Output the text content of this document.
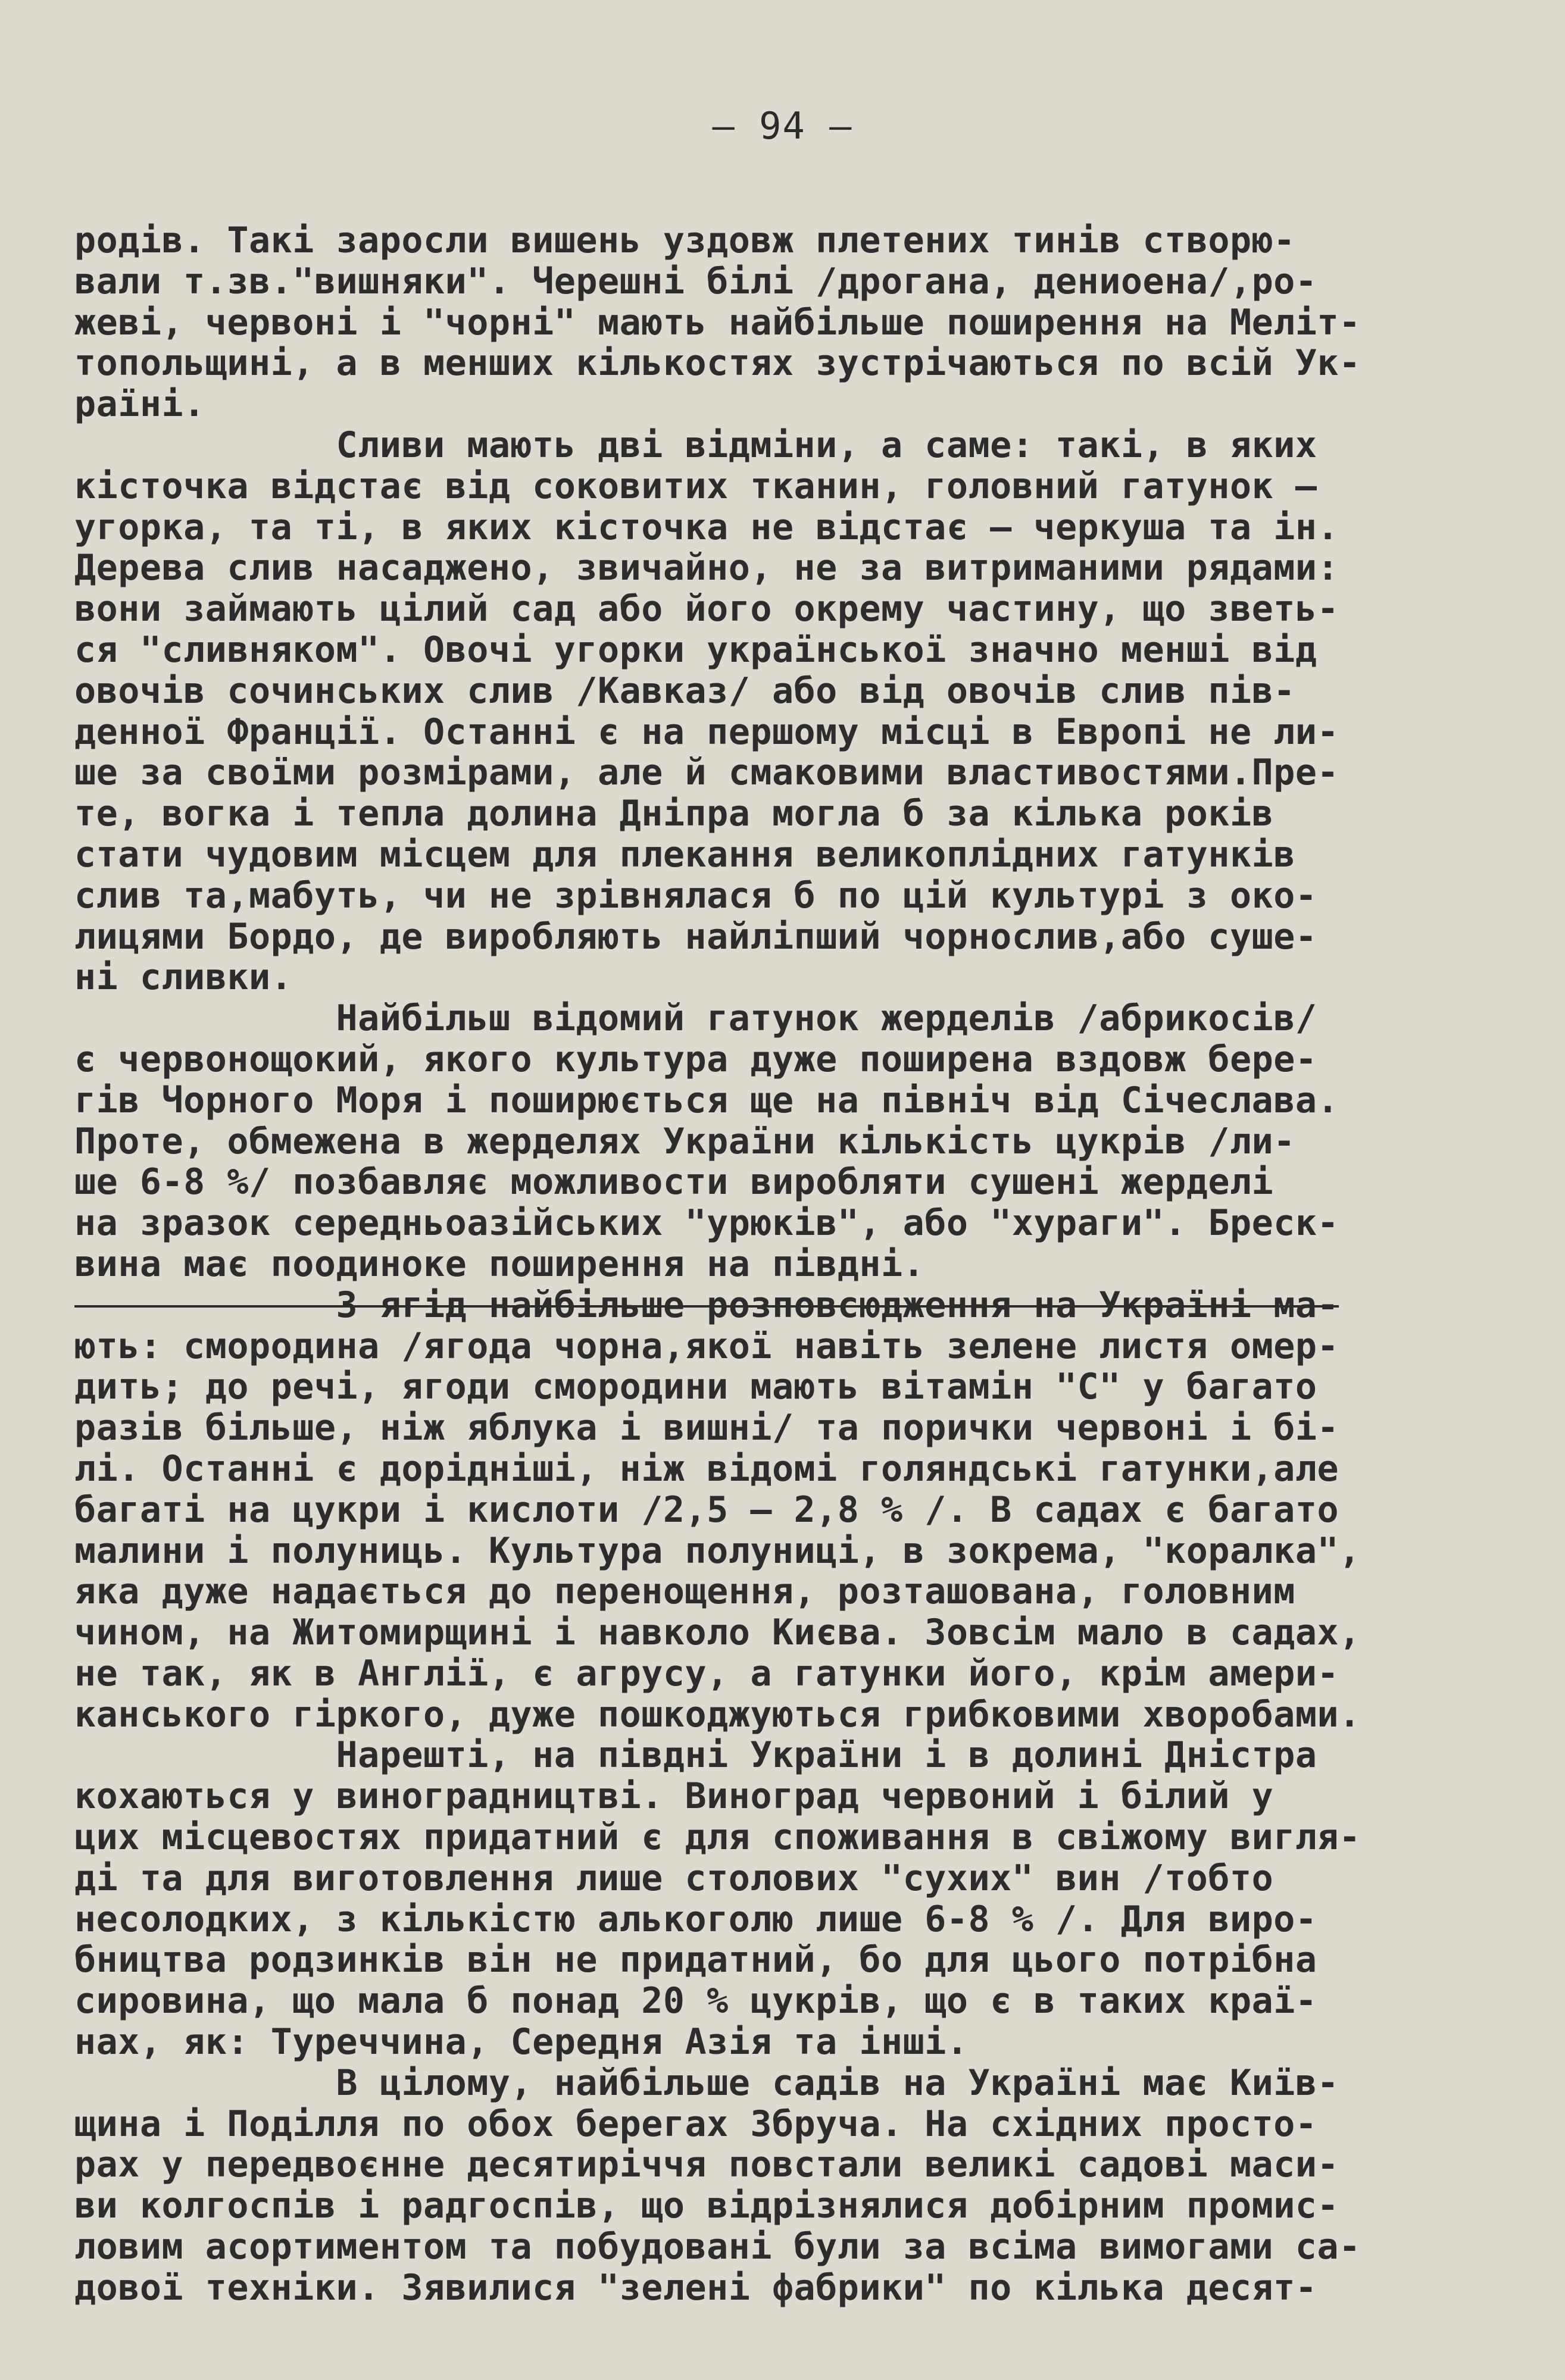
– 94 –
родів. Такі заросли вишень уздовж плетених тинів створю-
вали т.зв."вишняки". Черешні білі /дрогана, дениоена/,ро-
жеві, червоні і "чорні" мають найбільше поширення на Меліт-
топольщині, а в менших кількостях зустрічаються по всій Ук-
раїні.
Сливи мають дві відміни, а саме: такі, в яких
кісточка відстає від соковитих тканин, головний гатунок –
угорка, та ті, в яких кісточка не відстає – черкуша та ін.
Дерева слив насаджено, звичайно, не за витриманими рядами:
вони займають цілий сад або його окрему частину, що зветь-
ся "сливняком". Овочі угорки української значно менші від
овочів сочинських слив /Кавказ/ або від овочів слив пів-
денної Франції. Останні є на першому місці в Европі не ли-
ше за своїми розмірами, але й смаковими властивостями.Пре-
те, вогка і тепла долина Дніпра могла б за кілька років
стати чудовим місцем для плекання великоплідних гатунків
слив та,мабуть, чи не зрівнялася б по цій культурі з око-
лицями Бордо, де виробляють найліпший чорнослив,або суше-
ні сливки.
Найбільш відомий гатунок жерделів /абрикосів/
є червонощокий, якого культура дуже поширена вздовж бере-
гів Чорного Моря і поширюється ще на північ від Січеслава.
Проте, обмежена в жерделях України кількість цукрів /ли-
ше 6-8 %/ позбавляє можливости виробляти сушені жерделі
на зразок середньоазійських "урюків", або "хураги". Бреск-
вина має поодиноке поширення на півдні.
З ягід найбільше розповсюдження на Україні ма-
ють: смородина /ягода чорна,якої навіть зелене листя омер-
дить; до речі, ягоди смородини мають вітамін "С" у багато
разів більше, ніж яблука і вишні/ та порички червоні і бі-
лі. Останні є доріднiші, ніж відомі голяндські гатунки,але
багаті на цукри і кислоти /2,5 – 2,8 % /. В садах є багато
малини і полуниць. Культура полуниці, в зокрема, "коралка",
яка дуже надається до перенощення, розташована, головним
чином, на Житомирщині і навколо Києва. Зовсім мало в садах,
не так, як в Англії, є агрусу, а гатунки його, крім амери-
канського гіркого, дуже пошкоджуються грибковими хворобами.
Нарешті, на півдні України і в долині Дністра
кохаються у виноградництві. Виноград червоний і білий у
цих місцевостях придатний є для споживання в свіжому вигля-
ді та для виготовлення лише столових "сухих" вин /тобто
несолодких, з кількістю алькоголю лише 6-8 % /. Для виро-
бництва родзинків він не придатний, бо для цього потрібна
сировина, що мала б понад 20 % цукрів, що є в таких краї-
нах, як: Туреччина, Середня Азія та інші.
В цілому, найбільше садів на Україні має Київ-
щина і Поділля по обох берегах Збруча. На східних просто-
рах у передвоєнне десятиріччя повстали великі садові маси-
ви колгоспів і радгоспів, що відрізнялися добірним промис-
ловим асортиментом та побудовані були за всіма вимогами са-
дової техніки. Зявилися "зелені фабрики" по кілька десят-
